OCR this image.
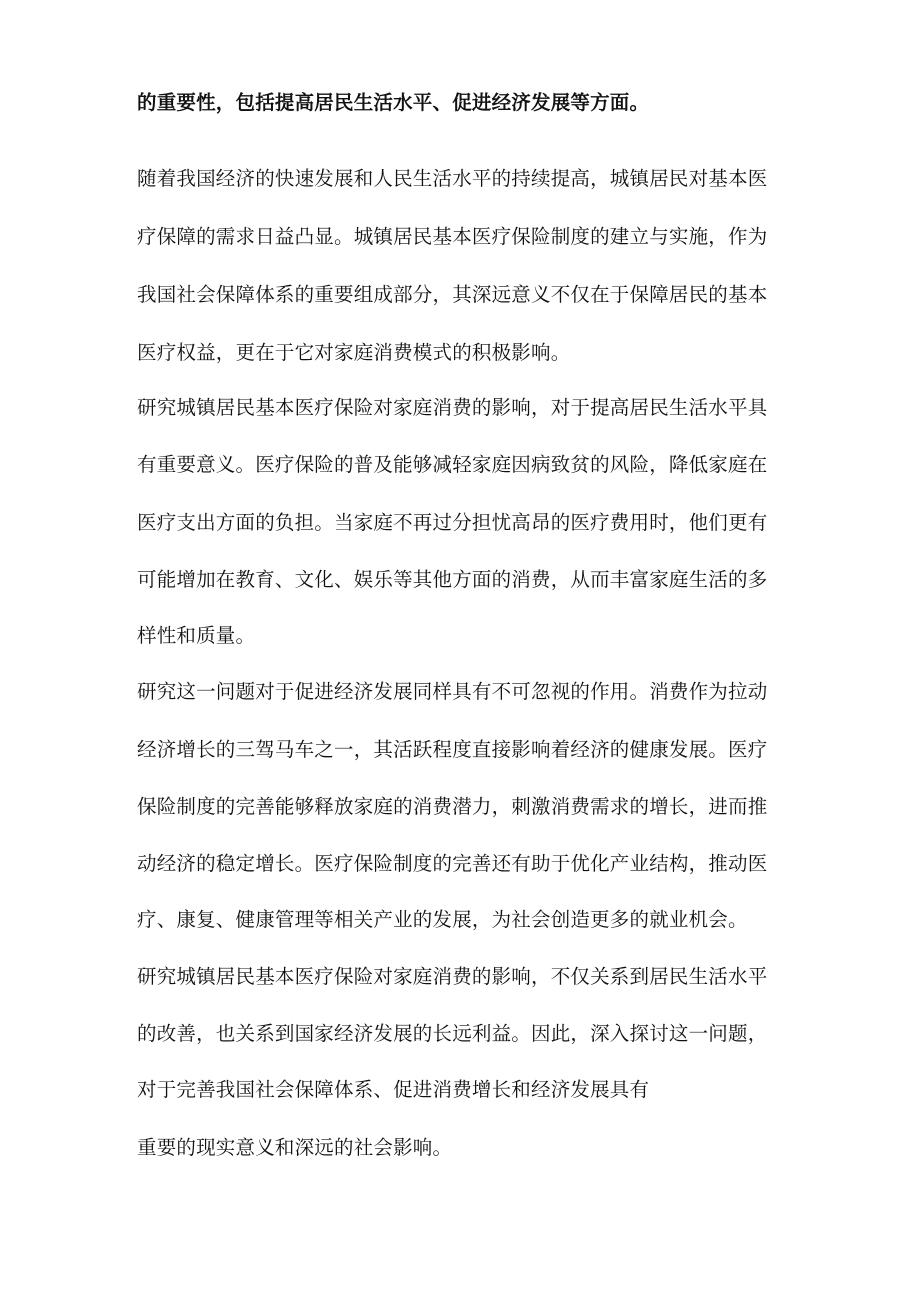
的重要性，包括提高居民生活水平、促进经济发展等方面。
随着我国经济的快速发展和人民生活水平的持续提高，城镇居民对基本医
疗保障的需求日益凸显。城镇居民基本医疗保险制度的建立与实施，作为
我国社会保障体系的重要组成部分，其深远意义不仅在于保障居民的基本
医疗权益，更在于它对家庭消费模式的积极影响。
研究城镇居民基本医疗保险对家庭消费的影响，对于提高居民生活水平具
有重要意义。医疗保险的普及能够减轻家庭因病致贫的风险，降低家庭在
医疗支出方面的负担。当家庭不再过分担忧高昂的医疗费用时，他们更有
可能增加在教育、文化、娱乐等其他方面的消费，从而丰富家庭生活的多
样性和质量。
研究这一问题对于促进经济发展同样具有不可忽视的作用。消费作为拉动
经济增长的三驾马车之一，其活跃程度直接影响着经济的健康发展。医疗
保险制度的完善能够释放家庭的消费潜力，刺激消费需求的增长，进而推
动经济的稳定增长。医疗保险制度的完善还有助于优化产业结构，推动医
疗、康复、健康管理等相关产业的发展，为社会创造更多的就业机会。
研究城镇居民基本医疗保险对家庭消费的影响，不仅关系到居民生活水平
的改善，也关系到国家经济发展的长远利益。因此，深入探讨这一问题，
对于完善我国社会保障体系、促进消费增长和经济发展具有
重要的现实意义和深远的社会影响。
